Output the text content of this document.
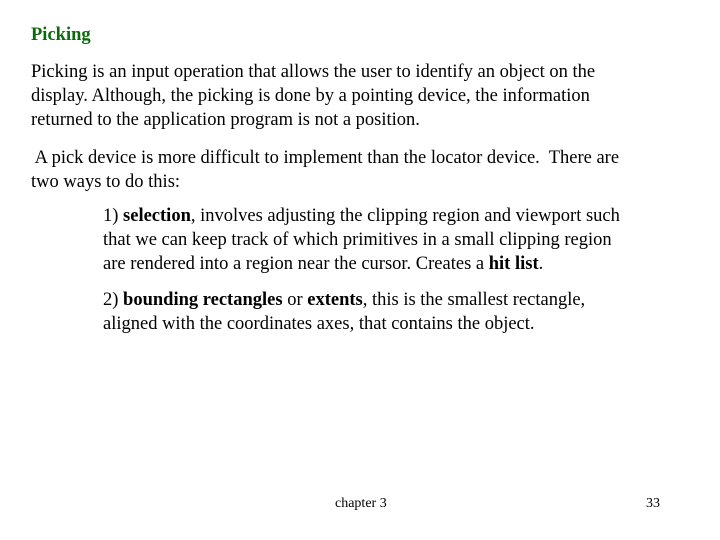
Picking

Picking is an input operation that allows the user to identify an object on the
display. Although, the picking is done by a pointing device, the information
returned to the application program is not a position.

A pick device is more difficult to implement than the locator device.  There are
two ways to do this:

1) selection, involves adjusting the clipping region and viewport such
that we can keep track of which primitives in a small clipping region
are rendered into a region near the cursor. Creates a hit list.

2) bounding rectangles or extents, this is the smallest rectangle,
aligned with the coordinates axes, that contains the object.

chapter 3	33
